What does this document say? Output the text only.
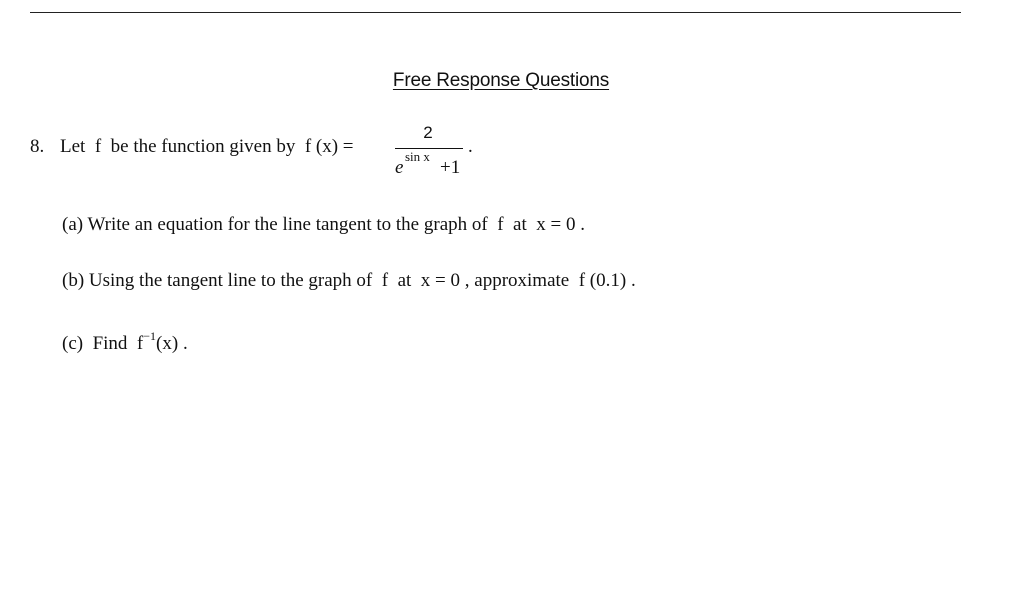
Free Response Questions
8. Let  f  be the function given by  f (x) =
2
e
sin x
+1
.
(a) Write an equation for the line tangent to the graph of  f  at  x = 0 .
(b) Using the tangent line to the graph of  f  at  x = 0 , approximate  f (0.1) .
(c)  Find  $f^{-1}(x)$ .
